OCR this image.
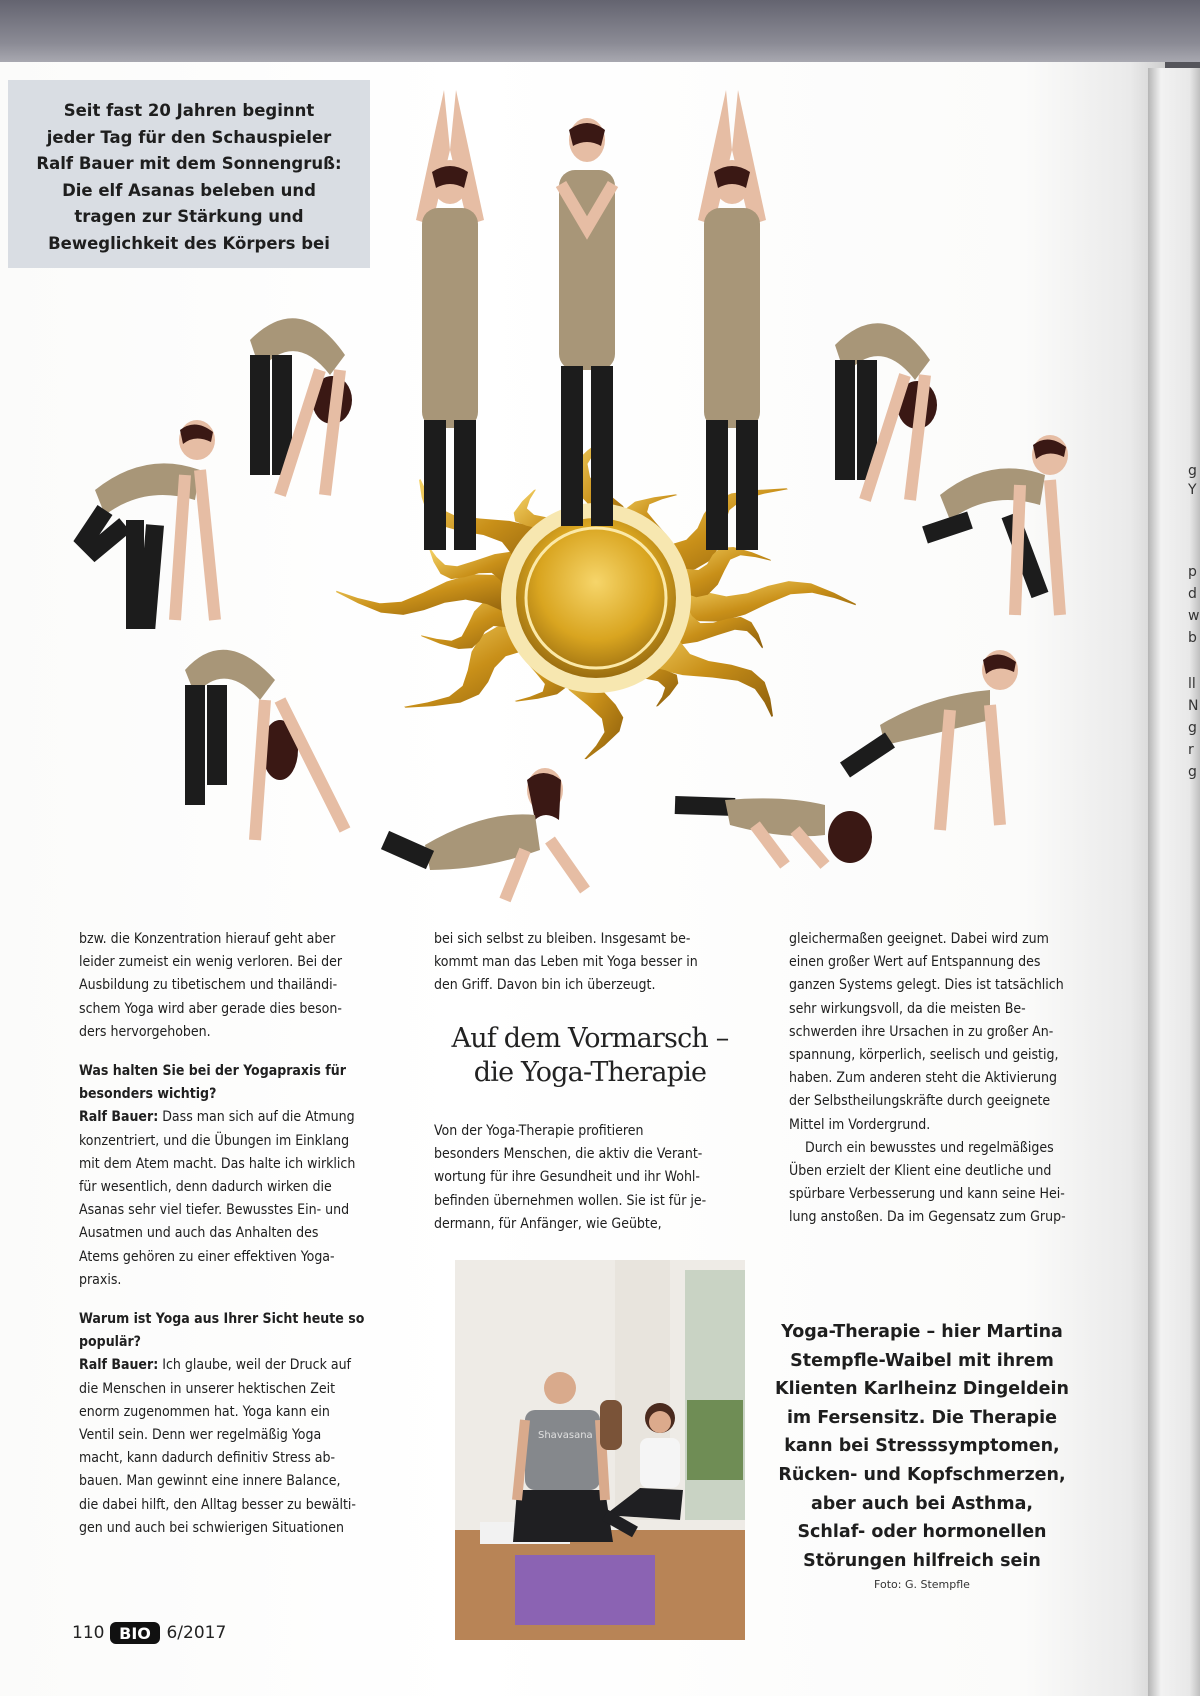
g
Y
p
d
w
b
ll
N
g
r
g
Seit fast 20 Jahren beginnt
jeder Tag für den Schauspieler
Ralf Bauer mit dem Sonnengruß:
Die elf Asanas beleben und
tragen zur Stärkung und
Beweglichkeit des Körpers bei
bzw. die Konzentration hierauf geht aber
leider zumeist ein wenig verloren. Bei der
Ausbildung zu tibetischem und thailändi-
schem Yoga wird aber gerade dies beson-
ders hervorgehoben.
Was halten Sie bei der Yogapraxis für
besonders wichtig?
Ralf Bauer: Dass man sich auf die Atmung
konzentriert, und die Übungen im Einklang
mit dem Atem macht. Das halte ich wirklich
für wesentlich, denn dadurch wirken die
Asanas sehr viel tiefer. Bewusstes Ein- und
Ausatmen und auch das Anhalten des
Atems gehören zu einer effektiven Yoga-
praxis.
Warum ist Yoga aus Ihrer Sicht heute so
populär?
Ralf Bauer: Ich glaube, weil der Druck auf
die Menschen in unserer hektischen Zeit
enorm zugenommen hat. Yoga kann ein
Ventil sein. Denn wer regelmäßig Yoga
macht, kann dadurch definitiv Stress ab-
bauen. Man gewinnt eine innere Balance,
die dabei hilft, den Alltag besser zu bewälti-
gen und auch bei schwierigen Situationen
bei sich selbst zu bleiben. Insgesamt be-
kommt man das Leben mit Yoga besser in
den Griff. Davon bin ich überzeugt.
Auf dem Vormarsch –
die Yoga-Therapie
Von der Yoga-Therapie profitieren
besonders Menschen, die aktiv die Verant-
wortung für ihre Gesundheit und ihr Wohl-
befinden übernehmen wollen. Sie ist für je-
dermann, für Anfänger, wie Geübte,
gleichermaßen geeignet. Dabei wird zum
einen großer Wert auf Entspannung des
ganzen Systems gelegt. Dies ist tatsächlich
sehr wirkungsvoll, da die meisten Be-
schwerden ihre Ursachen in zu großer An-
spannung, körperlich, seelisch und geistig,
haben. Zum anderen steht die Aktivierung
der Selbstheilungskräfte durch geeignete
Mittel im Vordergrund.
Durch ein bewusstes und regelmäßiges
Üben erzielt der Klient eine deutliche und
spürbare Verbesserung und kann seine Hei-
lung anstoßen. Da im Gegensatz zum Grup-
Shavasana
Yoga-Therapie – hier Martina
Stempfle-Waibel mit ihrem
Klienten Karlheinz Dingeldein
im Fersensitz. Die Therapie
kann bei Stresssymptomen,
Rücken- und Kopfschmerzen,
aber auch bei Asthma,
Schlaf- oder hormonellen
Störungen hilfreich sein
Foto: G. Stempfle
110 BIO 6/2017
